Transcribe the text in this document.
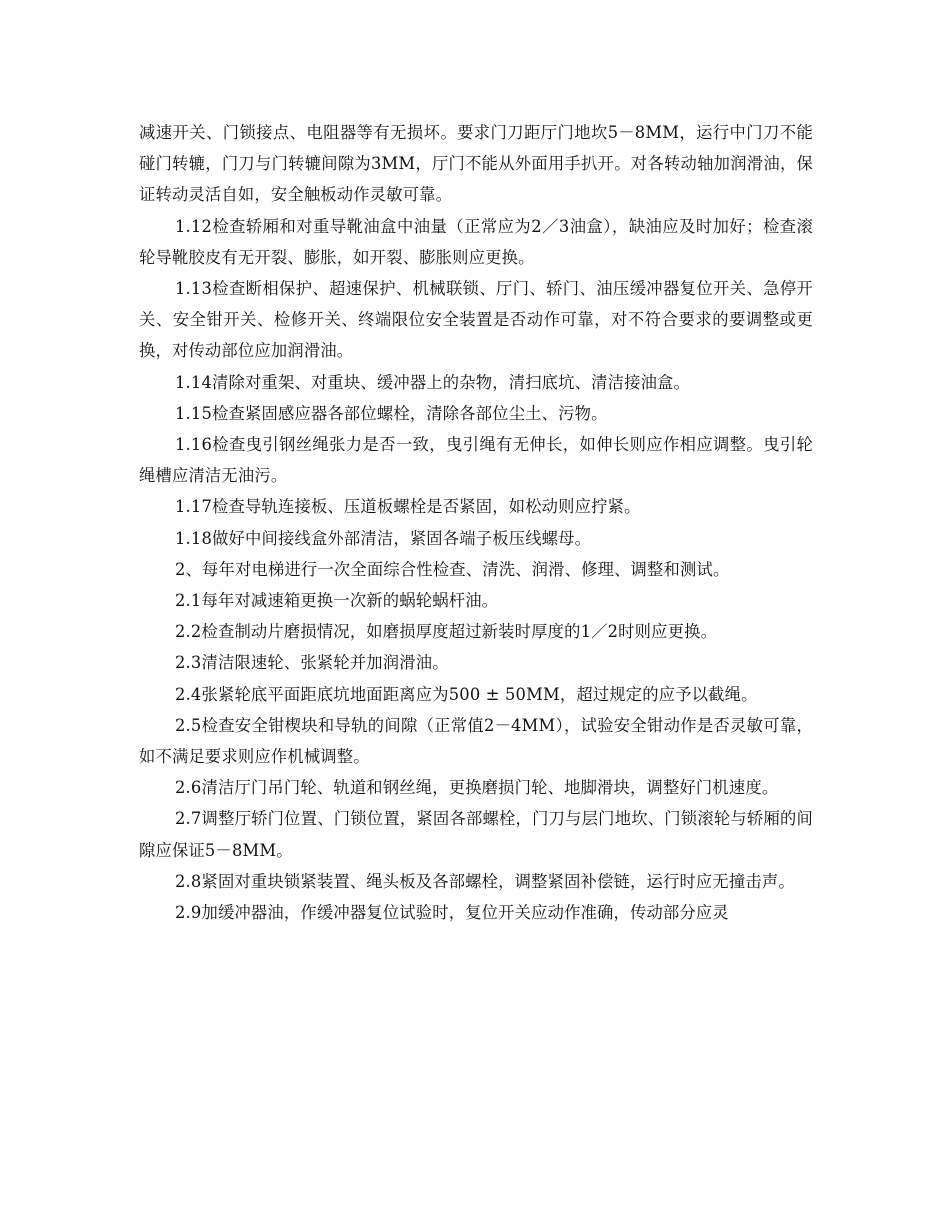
减速开关、门锁接点、电阻器等有无损坏。要求门刀距厅门地坎5－8MM，运行中门刀不能碰门转辘，门刀与门转辘间隙为3MM，厅门不能从外面用手扒开。对各转动轴加润滑油，保证转动灵活自如，安全触板动作灵敏可靠。

1.12检查轿厢和对重导靴油盒中油量（正常应为2／3油盒），缺油应及时加好；检查滚轮导靴胶皮有无开裂、膨胀，如开裂、膨胀则应更换。

1.13检查断相保护、超速保护、机械联锁、厅门、轿门、油压缓冲器复位开关、急停开关、安全钳开关、检修开关、终端限位安全装置是否动作可靠，对不符合要求的要调整或更换，对传动部位应加润滑油。

1.14清除对重架、对重块、缓冲器上的杂物，清扫底坑、清洁接油盒。

1.15检查紧固感应器各部位螺栓，清除各部位尘土、污物。

1.16检查曳引钢丝绳张力是否一致，曳引绳有无伸长，如伸长则应作相应调整。曳引轮绳槽应清洁无油污。

1.17检查导轨连接板、压道板螺栓是否紧固，如松动则应拧紧。

1.18做好中间接线盒外部清洁，紧固各端子板压线螺母。

2、每年对电梯进行一次全面综合性检查、清洗、润滑、修理、调整和测试。

2.1每年对减速箱更换一次新的蜗轮蜗杆油。

2.2检查制动片磨损情况，如磨损厚度超过新装时厚度的1／2时则应更换。

2.3清洁限速轮、张紧轮并加润滑油。

2.4张紧轮底平面距底坑地面距离应为500 ± 50MM，超过规定的应予以截绳。

2.5检查安全钳楔块和导轨的间隙（正常值2－4MM），试验安全钳动作是否灵敏可靠，如不满足要求则应作机械调整。

2.6清洁厅门吊门轮、轨道和钢丝绳，更换磨损门轮、地脚滑块，调整好门机速度。

2.7调整厅轿门位置、门锁位置，紧固各部螺栓，门刀与层门地坎、门锁滚轮与轿厢的间隙应保证5－8MM。

2.8紧固对重块锁紧装置、绳头板及各部螺栓，调整紧固补偿链，运行时应无撞击声。

2.9加缓冲器油，作缓冲器复位试验时，复位开关应动作准确，传动部分应灵
